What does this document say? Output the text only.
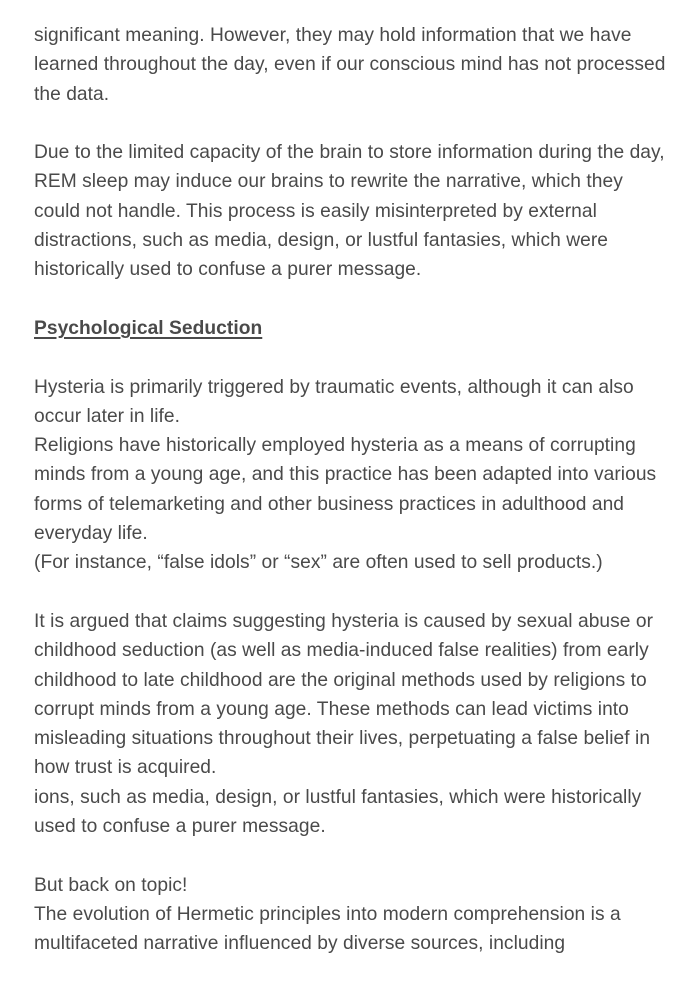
significant meaning. However, they may hold information that we have learned throughout the day, even if our conscious mind has not processed the data.

Due to the limited capacity of the brain to store information during the day, REM sleep may induce our brains to rewrite the narrative, which they could not handle. This process is easily misinterpreted by external distractions, such as media, design, or lustful fantasies, which were historically used to confuse a purer message.

Psychological Seduction

Hysteria is primarily triggered by traumatic events, although it can also occur later in life.

Religions have historically employed hysteria as a means of corrupting minds from a young age, and this practice has been adapted into various forms of telemarketing and other business practices in adulthood and everyday life.

(For instance, “false idols” or “sex” are often used to sell products.)

It is argued that claims suggesting hysteria is caused by sexual abuse or childhood seduction (as well as media-induced false realities) from early childhood to late childhood are the original methods used by religions to corrupt minds from a young age. These methods can lead victims into misleading situations throughout their lives, perpetuating a false belief in how trust is acquired.

ions, such as media, design, or lustful fantasies, which were historically used to confuse a purer message.

But back on topic!

The evolution of Hermetic principles into modern comprehension is a multifaceted narrative influenced by diverse sources, including
